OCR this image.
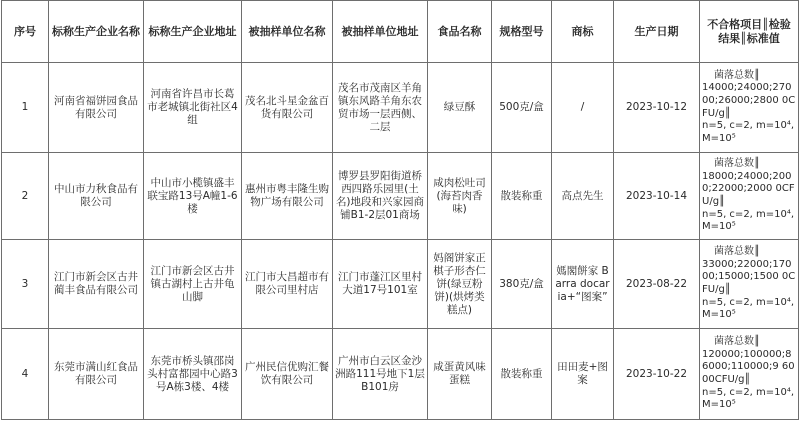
序号	标称生产企业名称	标称生产企业地址	被抽样单位名称	被抽样单位地址	食品名称	规格型号	商标	生产日期	不合格项目║检验结果║标准值
1	河南省福饼园食品有限公司	河南省许昌市长葛市老城镇北街社区4组	茂名北斗星金盆百货有限公司	茂名市茂南区羊角镇东风路羊角东农贸市场一层西侧、二层	绿豆酥	500克/盒	/	2023-10-12	菌落总数║
14000;24000;27000;26000;2800 0CFU/g║
n=5, c=2, m=10⁴, M=10⁵

2	中山市力秋食品有限公司	中山市小榄镇盛丰联宝路13号A幢1-6楼	惠州市粤丰隆生购物广场有限公司	博罗县罗阳街道桥西四路乐园里(土名)地段和兴家园商铺B1-2层01商场	咸肉松吐司(海苔肉香味)	散装称重	高点先生	2023-10-14	菌落总数║
18000;24000;2000;22000;2000 0CFU/g║
n=5, c=2, m=10⁴, M=10⁵

3	江门市新会区古井蔺丰食品有限公司	江门市新会区古井镇古湖村上古井龟山脚	江门市大昌超市有限公司里村店	江门市蓬江区里村大道17号101室	妈阁饼家正棋子形杏仁饼(绿豆粉饼)(烘烤类糕点)	380克/盒	媽閣餅家 Barra docaria+“图案”	2023-08-22	菌落总数║
33000;22000;17000;15000;1500 0CFU/g║
n=5, c=2, m=10⁴, M=10⁵

4	东莞市满山红食品有限公司	东莞市桥头镇邵岗头村富都园中心路3号A栋3楼、4楼	广州民信优购汇餐饮有限公司	广州市白云区金沙洲路111号地下1层B101房	咸蛋黄风味蛋糕	散装称重	田田麦+图案	2023-10-22	菌落总数║
120000;100000;86000;110000;9 6000CFU/g║
n=5, c=2, m=10⁴, M=10⁵
